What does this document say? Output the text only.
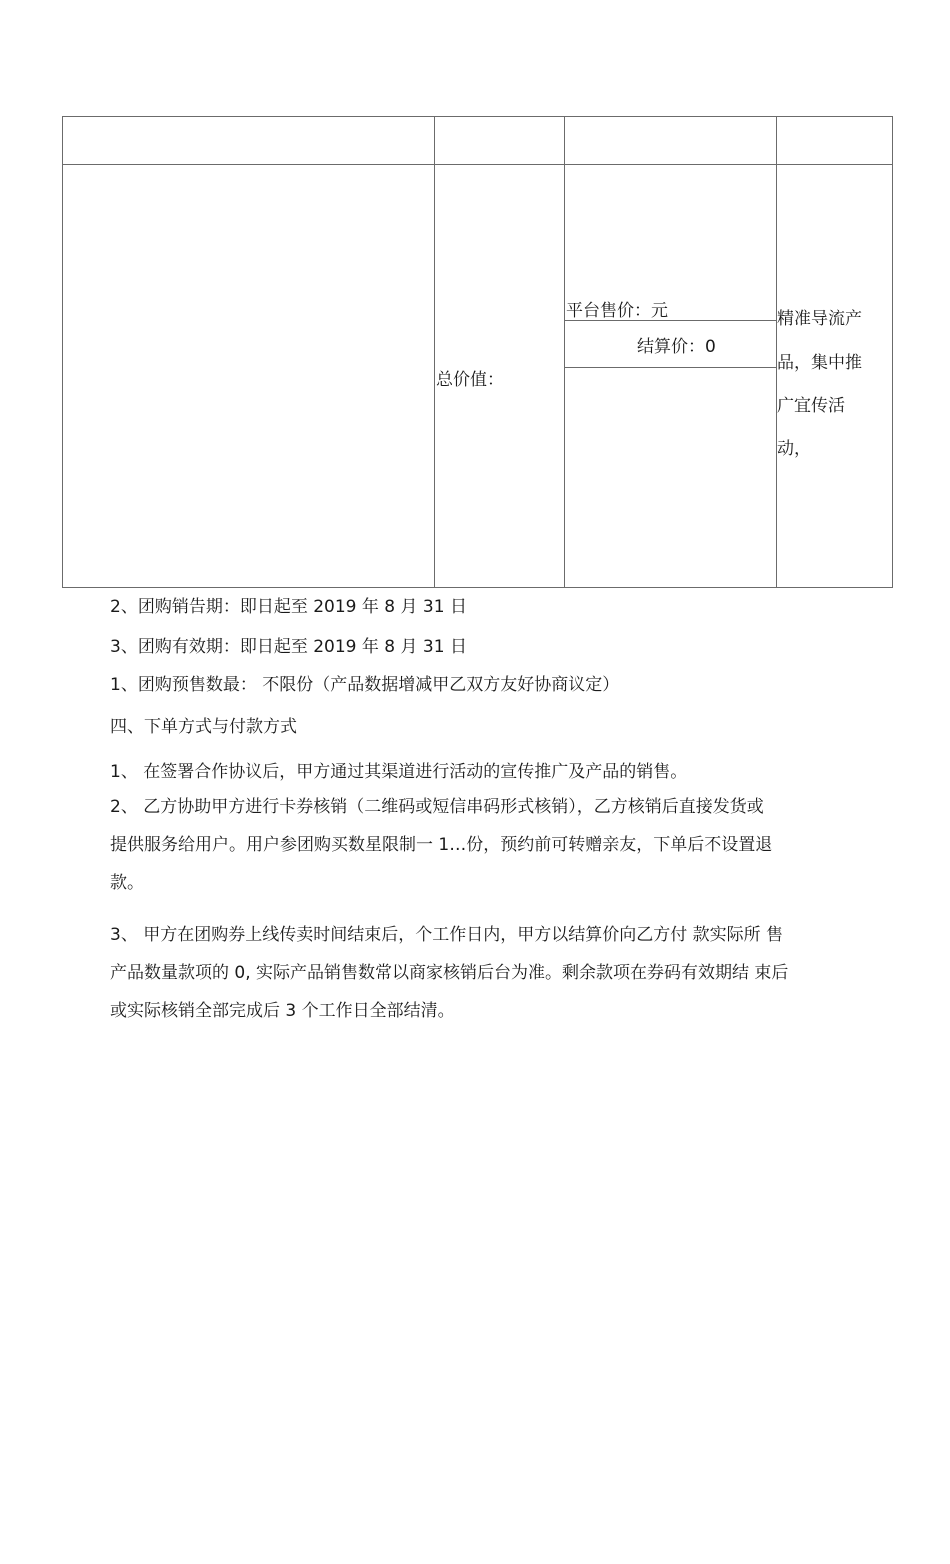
总价值：
平台售价：元
结算价：0
精准导流产
品，集中推
广宜传活
动，
2、团购销告期：即日起至 2019 年 8 月 31 日
3、团购有效期：即日起至 2019 年 8 月 31 日
1、团购预售数最： 不限份（产品数据增减甲乙双方友好协商议定）
四、下单方式与付款方式
1、 在签署合作协议后，甲方通过其渠道进行活动的宣传推广及产品的销售。
2、 乙方协助甲方进行卡券核销（二维码或短信串码形式核销），乙方核销后直接发货或
提供服务给用户。用户参团购买数星限制一 1…份，预约前可转赠亲友，下单后不设置退
款。
3、 甲方在团购券上线传卖时间结束后，个工作日内，甲方以结算价向乙方付 款实际所 售
产品数量款项的 0, 实际产品销售数常以商家核销后台为准。剩余款项在券码有效期结 束后
或实际核销全部完成后 3 个工作日全部结清。
